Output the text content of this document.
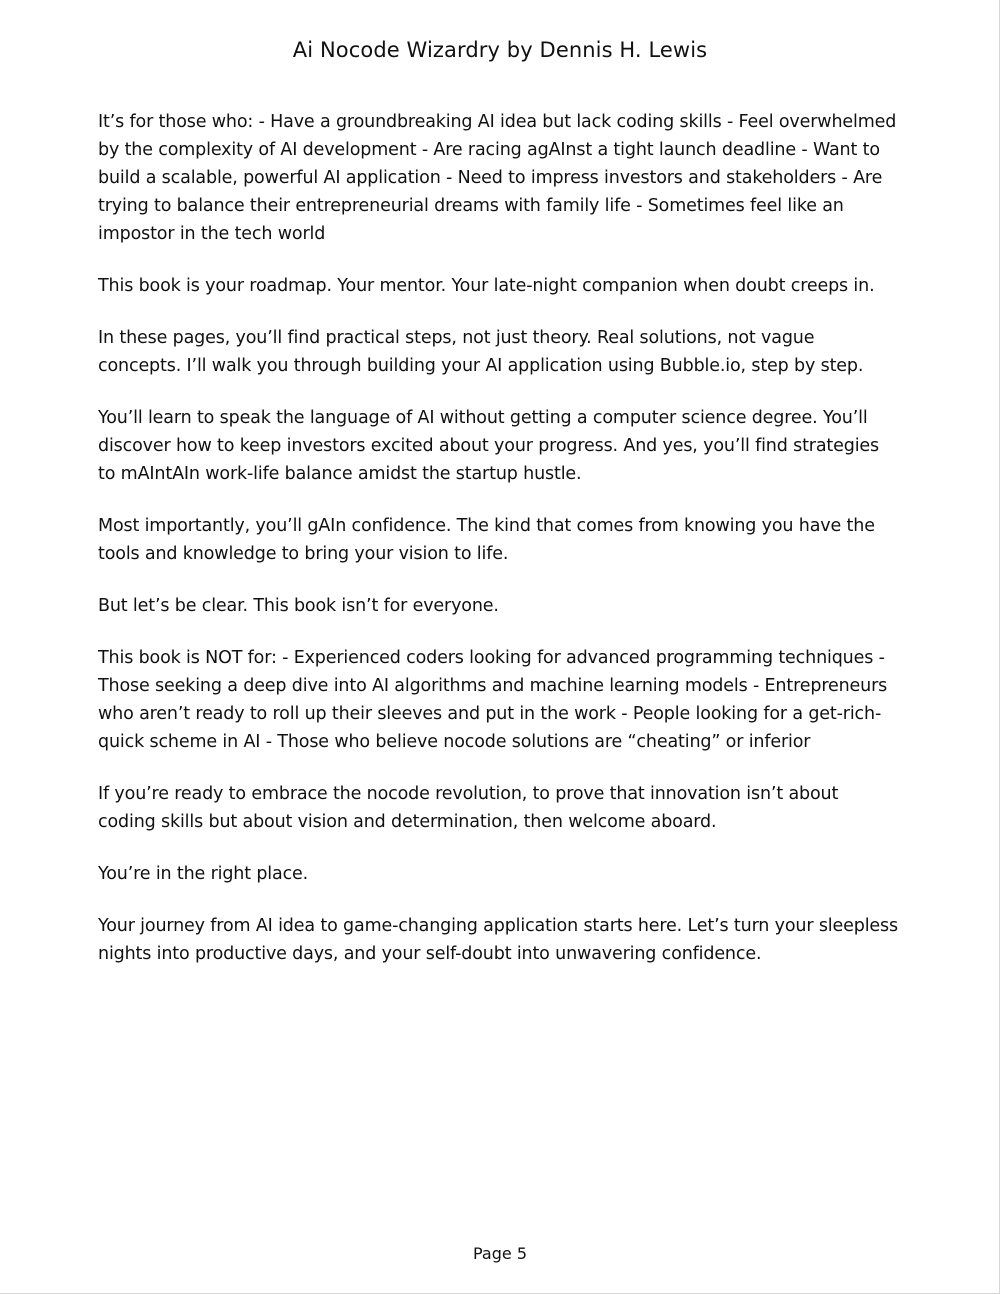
Ai Nocode Wizardry by Dennis H. Lewis

It’s for those who: - Have a groundbreaking AI idea but lack coding skills - Feel overwhelmed by the complexity of AI development - Are racing agAInst a tight launch deadline - Want to build a scalable, powerful AI application - Need to impress investors and stakeholders - Are trying to balance their entrepreneurial dreams with family life - Sometimes feel like an impostor in the tech world

This book is your roadmap. Your mentor. Your late-night companion when doubt creeps in.

In these pages, you’ll find practical steps, not just theory. Real solutions, not vague concepts. I’ll walk you through building your AI application using Bubble.io, step by step.

You’ll learn to speak the language of AI without getting a computer science degree. You’ll discover how to keep investors excited about your progress. And yes, you’ll find strategies to mAIntAIn work-life balance amidst the startup hustle.

Most importantly, you’ll gAIn confidence. The kind that comes from knowing you have the tools and knowledge to bring your vision to life.

But let’s be clear. This book isn’t for everyone.

This book is NOT for: - Experienced coders looking for advanced programming techniques - Those seeking a deep dive into AI algorithms and machine learning models - Entrepreneurs who aren’t ready to roll up their sleeves and put in the work - People looking for a get-rich-quick scheme in AI - Those who believe nocode solutions are “cheating” or inferior

If you’re ready to embrace the nocode revolution, to prove that innovation isn’t about coding skills but about vision and determination, then welcome aboard.

You’re in the right place.

Your journey from AI idea to game-changing application starts here. Let’s turn your sleepless nights into productive days, and your self-doubt into unwavering confidence.

Page 5
